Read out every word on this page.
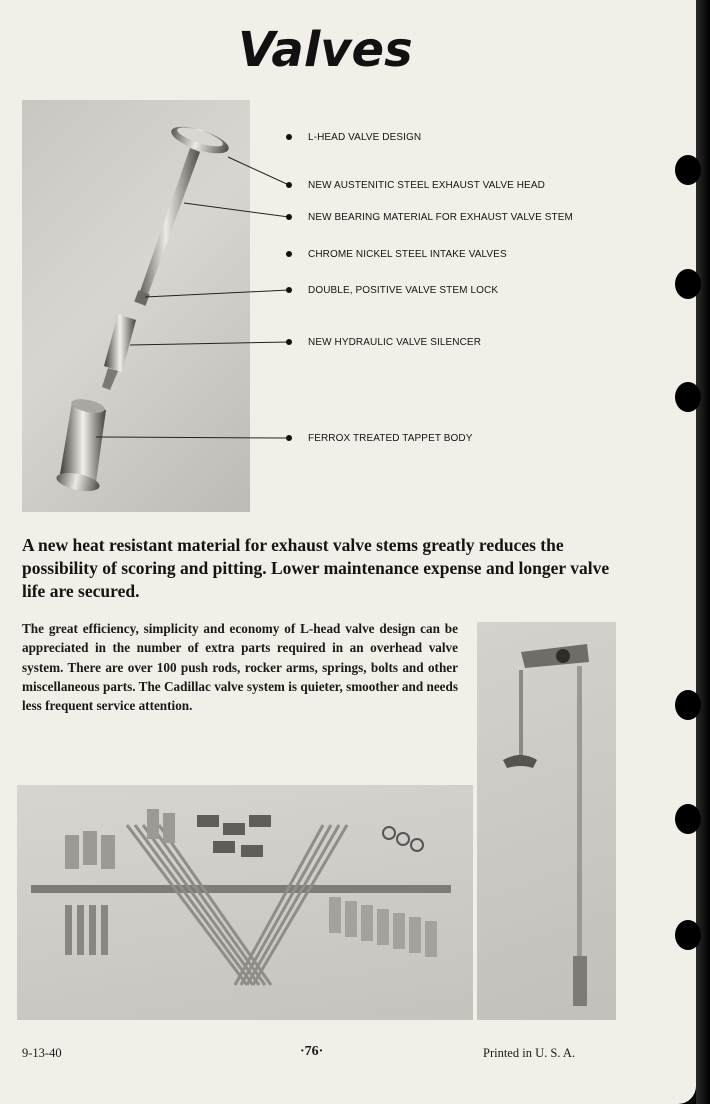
Valves
L-HEAD VALVE DESIGN
NEW AUSTENITIC STEEL EXHAUST VALVE HEAD
NEW BEARING MATERIAL FOR EXHAUST VALVE STEM
CHROME NICKEL STEEL INTAKE VALVES
DOUBLE, POSITIVE VALVE STEM LOCK
NEW HYDRAULIC VALVE SILENCER
FERROX TREATED TAPPET BODY

A new heat resistant material for exhaust valve stems greatly reduces the possibility of scoring and pitting. Lower maintenance expense and longer valve life are secured.

The great efficiency, simplicity and economy of L-head valve design can be appreciated in the number of extra parts required in an overhead valve system. There are over 100 push rods, rocker arms, springs, bolts and other miscellaneous parts. The Cadillac valve system is quieter, smoother and needs less frequent service attention.

9-13-40	·76·	Printed in U. S. A.
